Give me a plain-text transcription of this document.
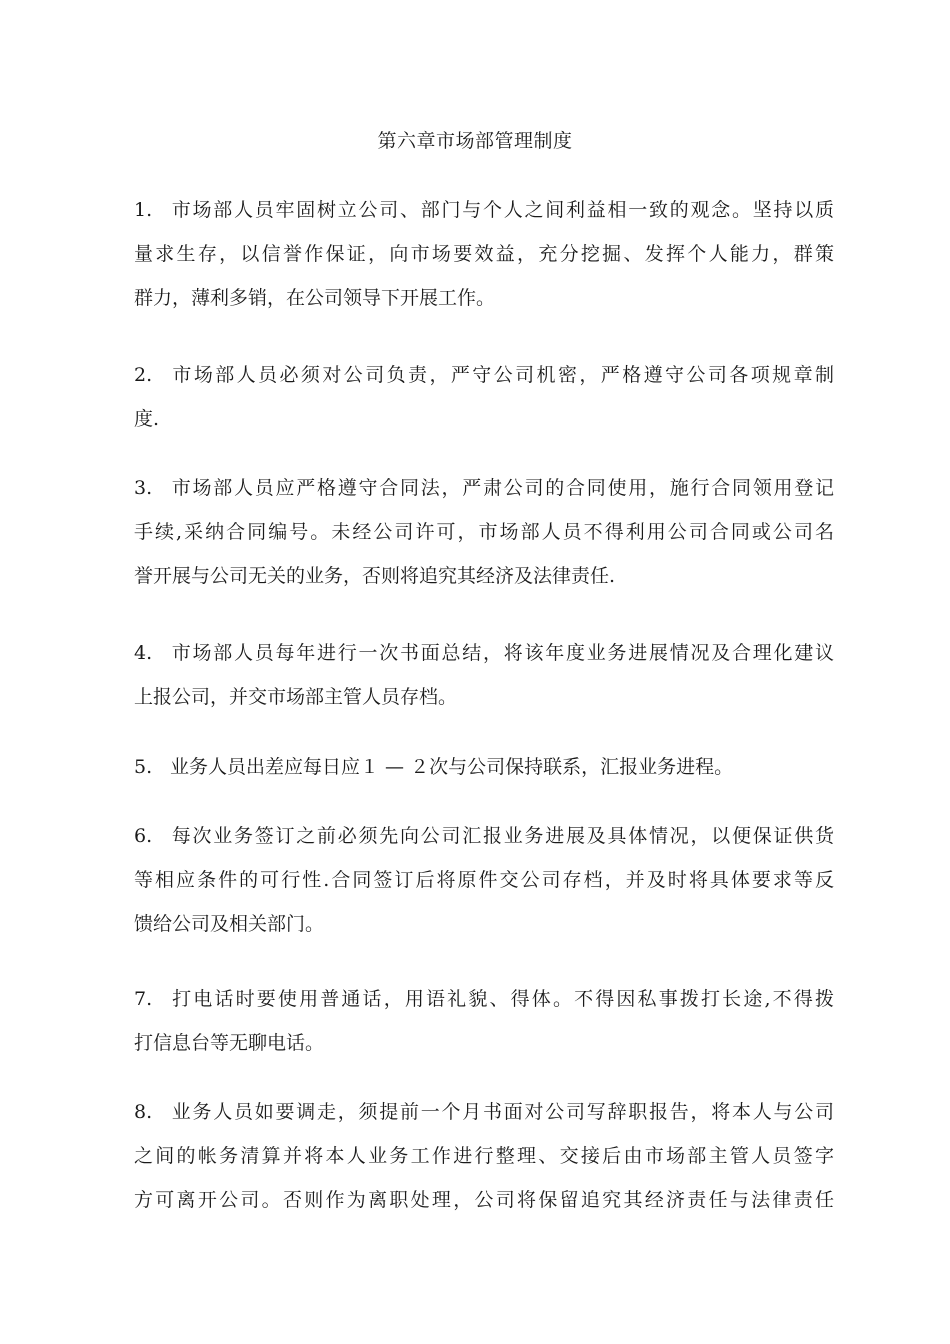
第六章市场部管理制度
1. 市场部人员牢固树立公司、部门与个人之间利益相一致的观念。坚持以质
量求生存，以信誉作保证，向市场要效益，充分挖掘、发挥个人能力，群策
群力，薄利多销，在公司领导下开展工作。
2. 市场部人员必须对公司负责，严守公司机密，严格遵守公司各项规章制
度.
3. 市场部人员应严格遵守合同法，严肃公司的合同使用，施行合同领用登记
手续,采纳合同编号。未经公司许可，市场部人员不得利用公司合同或公司名
誉开展与公司无关的业务，否则将追究其经济及法律责任.
4. 市场部人员每年进行一次书面总结，将该年度业务进展情况及合理化建议
上报公司，并交市场部主管人员存档。
5. 业务人员出差应每日应１ — ２次与公司保持联系，汇报业务进程。
6. 每次业务签订之前必须先向公司汇报业务进展及具体情况，以便保证供货
等相应条件的可行性.合同签订后将原件交公司存档，并及时将具体要求等反
馈给公司及相关部门。
7. 打电话时要使用普通话，用语礼貌、得体。不得因私事拨打长途,不得拨
打信息台等无聊电话。
8. 业务人员如要调走，须提前一个月书面对公司写辞职报告，将本人与公司
之间的帐务清算并将本人业务工作进行整理、交接后由市场部主管人员签字
方可离开公司。否则作为离职处理，公司将保留追究其经济责任与法律责任
